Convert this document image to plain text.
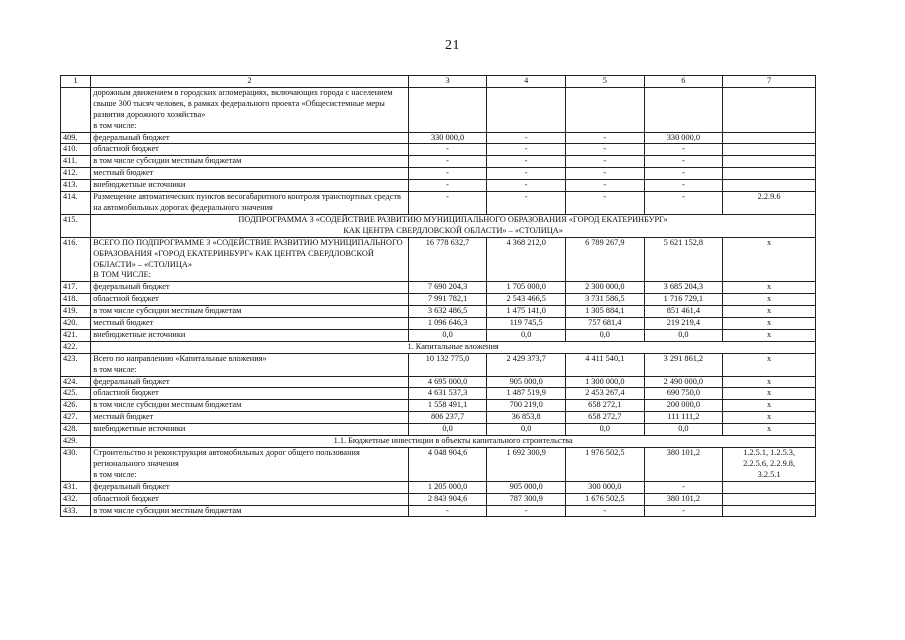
21
1	2	3	4	5	6	7
	дорожным движением в городских агломерациях, включающих города с населением свыше 300 тысяч человек, в рамках федерального проекта «Общесистемные меры развития дорожного хозяйства»
в том числе:					
409.	федеральный бюджет	330 000,0	-	-	330 000,0	
410.	областной бюджет	-	-	-	-	
411.	в том числе субсидии местным бюджетам	-	-	-	-	
412.	местный бюджет	-	-	-	-	
413.	внебюджетные источники	-	-	-	-	
414.	Размещение автоматических пунктов весогабаритного контроля транспортных средств на автомобильных дорогах федерального значения	-	-	-	-	2.2.9.6
415.	ПОДПРОГРАММА 3 «СОДЕЙСТВИЕ РАЗВИТИЮ МУНИЦИПАЛЬНОГО ОБРАЗОВАНИЯ «ГОРОД ЕКАТЕРИНБУРГ»
КАК ЦЕНТРА СВЕРДЛОВСКОЙ ОБЛАСТИ» – «СТОЛИЦА»					
416.	ВСЕГО ПО ПОДПРОГРАММЕ 3 «СОДЕЙСТВИЕ РАЗВИТИЮ МУНИЦИПАЛЬНОГО ОБРАЗОВАНИЯ «ГОРОД ЕКАТЕРИНБУРГ» КАК ЦЕНТРА СВЕРДЛОВСКОЙ ОБЛАСТИ» – «СТОЛИЦА»
В ТОМ ЧИСЛЕ:	16 778 632,7	4 368 212,0	6 789 267,9	5 621 152,8	х
417.	федеральный бюджет	7 690 204,3	1 705 000,0	2 300 000,0	3 685 204,3	х
418.	областной бюджет	7 991 782,1	2 543 466,5	3 731 586,5	1 716 729,1	х
419.	в том числе субсидии местным бюджетам	3 632 486,5	1 475 141,0	1 305 884,1	851 461,4	х
420.	местный бюджет	1 096 646,3	119 745,5	757 681,4	219 219,4	х
421.	внебюджетные источники	0,0	0,0	0,0	0,0	х
422.	1. Капитальные вложения					
423.	Всего по направлению «Капитальные вложения»
в том числе:	10 132 775,0	2 429 373,7	4 411 540,1	3 291 861,2	х
424.	федеральный бюджет	4 695 000,0	905 000,0	1 300 000,0	2 490 000,0	х
425.	областной бюджет	4 631 537,3	1 487 519,9	2 453 267,4	690 750,0	х
426.	в том числе субсидии местным бюджетам	1 558 491,1	700 219,0	658 272,1	200 000,0	х
427.	местный бюджет	806 237,7	36 853,8	658 272,7	111 111,2	х
428.	внебюджетные источники	0,0	0,0	0,0	0,0	х
429.	1.1. Бюджетные инвестиции в объекты капитального строительства					
430.	Строительство и реконструкция автомобильных дорог общего пользования регионального значения
в том числе:	4 048 904,6	1 692 300,9	1 976 502,5	380 101,2	1.2.5.1, 1.2.5.3,
2.2.5.6, 2.2.9.8,
3.2.5.1
431.	федеральный бюджет	1 205 000,0	905 000,0	300 000,0	-	
432.	областной бюджет	2 843 904,6	787 300,9	1 676 502,5	380 101,2	
433.	в том числе субсидии местным бюджетам	-	-	-	-	
